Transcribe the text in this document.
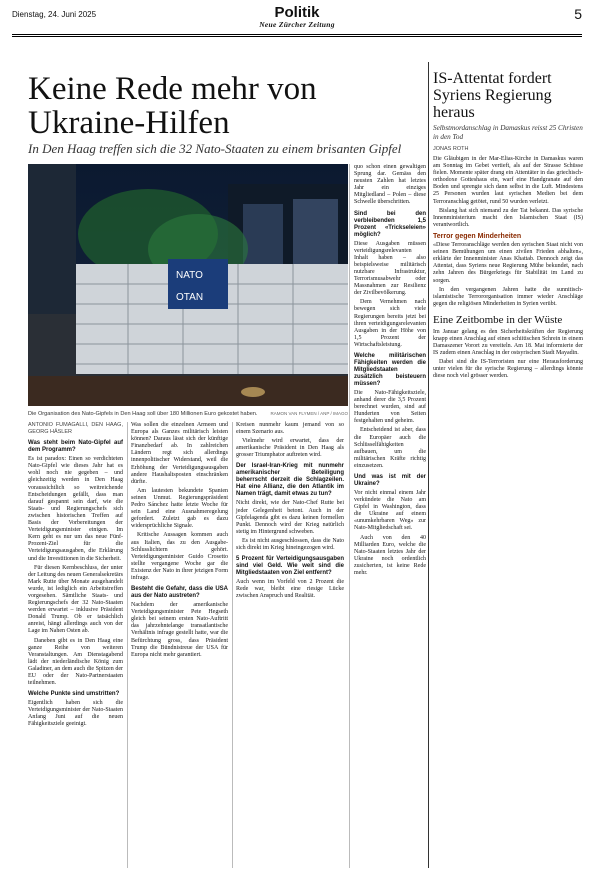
Dienstag, 24. Juni 2025	Politik
Neue Zürcher Zeitung
5
Keine Rede mehr von Ukraine-Hilfen
In Den Haag treffen sich die 32 Nato-Staaten zu einem brisanten Gipfel
NATO
OTAN
Die Organisation des Nato-Gipfels in Den Haag soll über 180 Millionen Euro gekostet haben.	RAMON VAN FLYMEN / ANP / IMAGO
ANTONIO FUMAGALLI, DEN HAAG, GEORG HÄSLER
Was steht beim Nato-Gipfel auf dem Programm?

Es ist paradox: Einen so verdichteten Nato-Gipfel wie dieses Jahr hat es wohl noch nie gegeben – und gleichzeitig werden in Den Haag voraussichtlich so weitreichende Entscheidungen gefällt, dass man darauf gespannt sein darf, wie die Staats- und Regierungschefs sich zwischen historischen Treffen auf Basis der Vorbereitungen der Verteidigungsminister einigen. Im Kern geht es nur um das neue Fünf-Prozent-Ziel für die Verteidigungsausgaben, die Erklärung und die Investitionen in die Sicherheit.

Für diesen Kernbeschluss, der unter der Leitung des neuen Generalsekretärs Mark Rutte über Monate ausgehandelt wurde, ist lediglich ein Arbeitstreffen vorgesehen. Sämtliche Staats- und Regierungschefs der 32 Nato-Staaten werden erwartet – inklusive Präsident Donald Trump. Ob er tatsächlich anreist, hängt allerdings auch von der Lage im Nahen Osten ab.

Daneben gibt es in Den Haag eine ganze Reihe von weiteren Veranstaltungen. Am Dienstagabend lädt der niederländische König zum Galadiner, an dem auch die Spitzen der EU oder der Nato-Partnerstaaten teilnehmen.

Welche Punkte sind umstritten?

Eigentlich haben sich die Verteidigungsminister der Nato-Staaten Anfang Juni auf die neuen Fähigkeitsziele geeinigt.

Was sollen die einzelnen Armeen und Europa als Ganzes militärisch leisten können? Daraus lässt sich der künftige Finanzbedarf ab. In zahlreichen Ländern regt sich allerdings innenpolitischer Widerstand, weil die Erhöhung der Verteidigungsausgaben andere Haushaltsposten einschränken dürfte.

Am lautesten bekundete Spanien seinen Unmut. Regierungspräsident Pedro Sánchez hatte letzte Woche für sein Land eine Ausnahmeregelung gefordert. Zuletzt gab es dazu widersprüchliche Signale.

Kritische Aussagen kommen auch aus Italien, das zu den Ausgabe-Schlusslichtern gehört. Verteidigungsminister Guido Crosetto stellte vergangene Woche gar die Existenz der Nato in ihrer jetzigen Form infrage.

Besteht die Gefahr, dass die USA aus der Nato austreten?

Nachdem der amerikanische Verteidigungsminister Pete Hegseth gleich bei seinem ersten Nato-Auftritt das jahrzehntelange transatlantische Verhältnis infrage gestellt hatte, war die Befürchtung gross, dass Präsident Trump die Bündnistreue der USA für Europa nicht mehr garantiert.

Kreisen nunmehr kaum jemand von so einem Szenario aus.

Vielmehr wird erwartet, dass der amerikanische Präsident in Den Haag als grosser Triumphator auftreten wird.

Der Israel-Iran-Krieg mit nunmehr amerikanischer Beteiligung beherrscht derzeit die Schlagzeilen. Hat eine Allianz, die den Atlantik im Namen trägt, damit etwas zu tun?

Nicht direkt, wie der Nato-Chef Rutte bei jeder Gelegenheit betont. Auch in der Gipfelagenda gibt es dazu keinen formellen Punkt. Dennoch wird der Krieg natürlich stetig im Hintergrund schweben.

Es ist nicht ausgeschlossen, dass die Nato sich direkt im Krieg hineingezogen wird.

5 Prozent für Verteidigungsausgaben sind viel Geld. Wie weit sind die Mitgliedstaaten von Ziel entfernt?

Auch wenn im Vorfeld von 2 Prozent die Rede war, bleibt eine riesige Lücke zwischen Anspruch und Realität.

quo schon einen gewaltigen Sprung dar. Gemäss den neusten Zahlen hat letztes Jahr ein einziges Mitgliedland – Polen – diese Schwelle überschritten.

Sind bei den verbleibenden 1,5 Prozent «Trickseleien» möglich?

Diese Ausgaben müssen verteidigungsrelevanten Inhalt haben – also beispielsweise militärisch nutzbare Infrastruktur, Terrorismusabwehr oder Massnahmen zur Resilienz der Zivilbevölkerung.

Dem Vernehmen nach bewegen sich viele Regierungen bereits jetzt bei ihren verteidigungsrelevanten Ausgaben in der Höhe von 1,5 Prozent der Wirtschaftsleistung.

Welche militärischen Fähigkeiten werden die Mitgliedstaaten zusätzlich beisteuern müssen?

Die Nato-Fähigkeitsziele, anhand derer die 3,5 Prozent berechnet wurden, sind auf Hunderten von Seiten festgehalten und geheim.

Entscheidend ist aber, dass die Europäer auch die Schlüsselfähigkeiten aufbauen, um die militärischen Kräfte richtig einzusetzen.

Und was ist mit der Ukraine?

Vor nicht einmal einem Jahr verkündete die Nato am Gipfel in Washington, dass die Ukraine auf einem «unumkehrbaren Weg» zur Nato-Mitgliedschaft sei.

Auch von den 40 Milliarden Euro, welche die Nato-Staaten letztes Jahr der Ukraine noch ordentlich zusicherten, ist keine Rede mehr.

IS-Attentat fordert Syriens Regierung heraus
Selbstmordanschlag in Damaskus reisst 25 Christen in den Tod
JONAS ROTH

Die Gläubigen in der Mar-Elias-Kirche in Damaskus waren am Sonntag im Gebet vertieft, als auf der Strasse Schüsse fielen. Momente später drang ein Attentäter in das griechisch-orthodoxe Gotteshaus ein, warf eine Handgranate auf den Boden und sprengte sich dann selbst in die Luft. Mindestens 25 Personen wurden laut syrischen Medien bei dem Terroranschlag getötet, rund 50 wurden verletzt.

Bislang hat sich niemand zu der Tat bekannt. Das syrische Innenministerium macht den Islamischen Staat (IS) verantwortlich.

Terror gegen Minderheiten

«Diese Terroranschläge werden den syrischen Staat nicht von seinen Bemühungen um einen zivilen Frieden abhalten», erklärte der Innenminister Anas Khattab. Dennoch zeigt das Attentat, dass Syriens neue Regierung Mühe bekundet, nach zehn Jahren des Bürgerkriegs für Stabilität im Land zu sorgen.

In den vergangenen Jahren hatte die sunnitisch-islamistische Terrororganisation immer wieder Anschläge gegen die religiösen Minderheiten in Syrien verübt.

Eine Zeitbombe in der Wüste

Im Januar gelang es den Sicherheitskräften der Regierung knapp einen Anschlag auf einen schiitischen Schrein in einem Damaszener Vorort zu vereiteln. Am 18. Mai informierte der IS zudem einen Anschlag in der ostsyrischen Stadt Mayadin.

Dabei sind die IS-Terroristen nur eine Herausforderung unter vielen für die syrische Regierung – allerdings könnte diese noch viel grösser werden.
